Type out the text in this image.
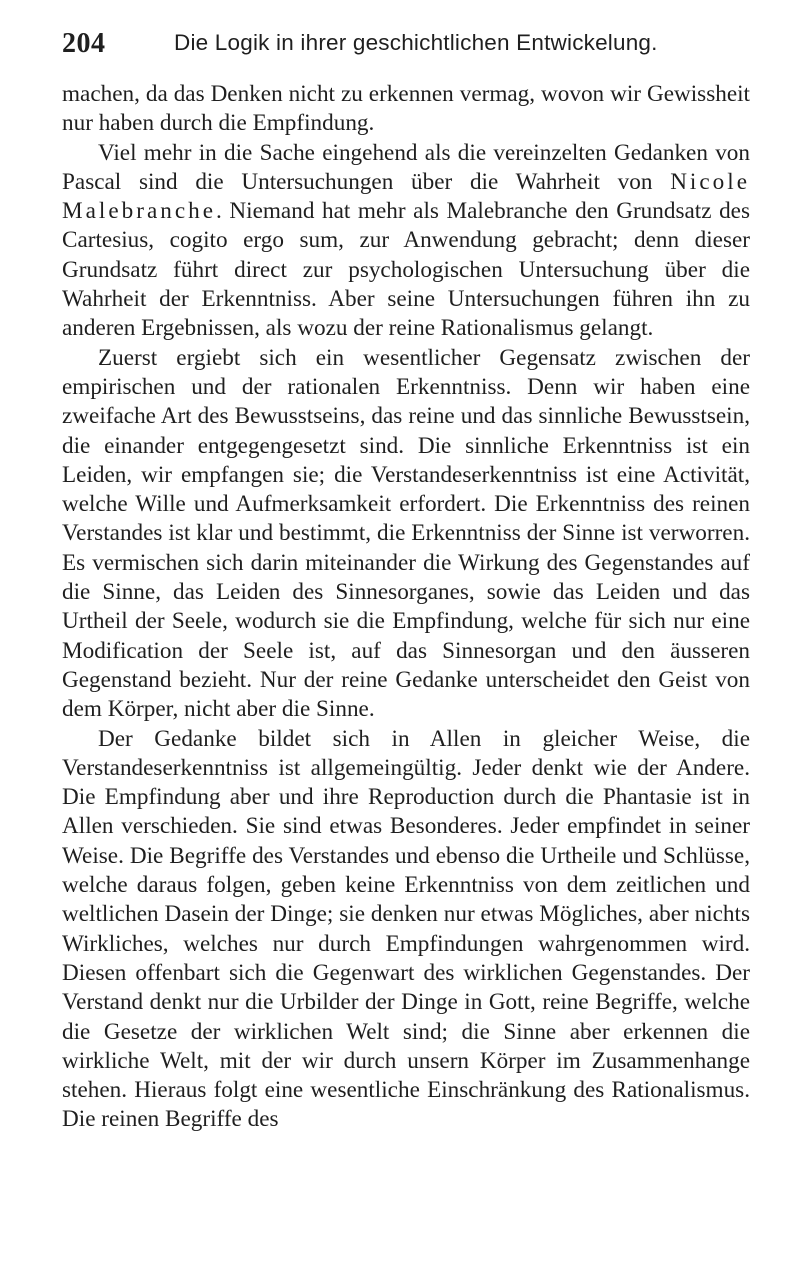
204	Die Logik in ihrer geschichtlichen Entwickelung.

machen, da das Denken nicht zu erkennen vermag, wovon wir Gewissheit nur haben durch die Empfindung.

Viel mehr in die Sache eingehend als die vereinzelten Gedanken von Pascal sind die Untersuchungen über die Wahrheit von Nicole Malebranche. Niemand hat mehr als Malebranche den Grundsatz des Cartesius, cogito ergo sum, zur Anwendung gebracht; denn dieser Grundsatz führt direct zur psychologischen Untersuchung über die Wahrheit der Erkenntniss. Aber seine Untersuchungen führen ihn zu anderen Ergebnissen, als wozu der reine Rationalismus gelangt.

Zuerst ergiebt sich ein wesentlicher Gegensatz zwischen der empirischen und der rationalen Erkenntniss. Denn wir haben eine zweifache Art des Bewusstseins, das reine und das sinnliche Bewusstsein, die einander entgegengesetzt sind. Die sinnliche Erkenntniss ist ein Leiden, wir empfangen sie; die Verstandeserkenntniss ist eine Activität, welche Wille und Aufmerksamkeit erfordert. Die Erkenntniss des reinen Verstandes ist klar und bestimmt, die Erkenntniss der Sinne ist verworren. Es vermischen sich darin miteinander die Wirkung des Gegenstandes auf die Sinne, das Leiden des Sinnesorganes, sowie das Leiden und das Urtheil der Seele, wodurch sie die Empfindung, welche für sich nur eine Modification der Seele ist, auf das Sinnesorgan und den äusseren Gegenstand bezieht. Nur der reine Gedanke unterscheidet den Geist von dem Körper, nicht aber die Sinne.

Der Gedanke bildet sich in Allen in gleicher Weise, die Verstandeserkenntniss ist allgemeingültig. Jeder denkt wie der Andere. Die Empfindung aber und ihre Reproduction durch die Phantasie ist in Allen verschieden. Sie sind etwas Besonderes. Jeder empfindet in seiner Weise. Die Begriffe des Verstandes und ebenso die Urtheile und Schlüsse, welche daraus folgen, geben keine Erkenntniss von dem zeitlichen und weltlichen Dasein der Dinge; sie denken nur etwas Mögliches, aber nichts Wirkliches, welches nur durch Empfindungen wahrgenommen wird. Diesen offenbart sich die Gegenwart des wirklichen Gegenstandes. Der Verstand denkt nur die Urbilder der Dinge in Gott, reine Begriffe, welche die Gesetze der wirklichen Welt sind; die Sinne aber erkennen die wirkliche Welt, mit der wir durch unsern Körper im Zusammenhange stehen. Hieraus folgt eine wesentliche Einschränkung des Rationalismus. Die reinen Begriffe des
